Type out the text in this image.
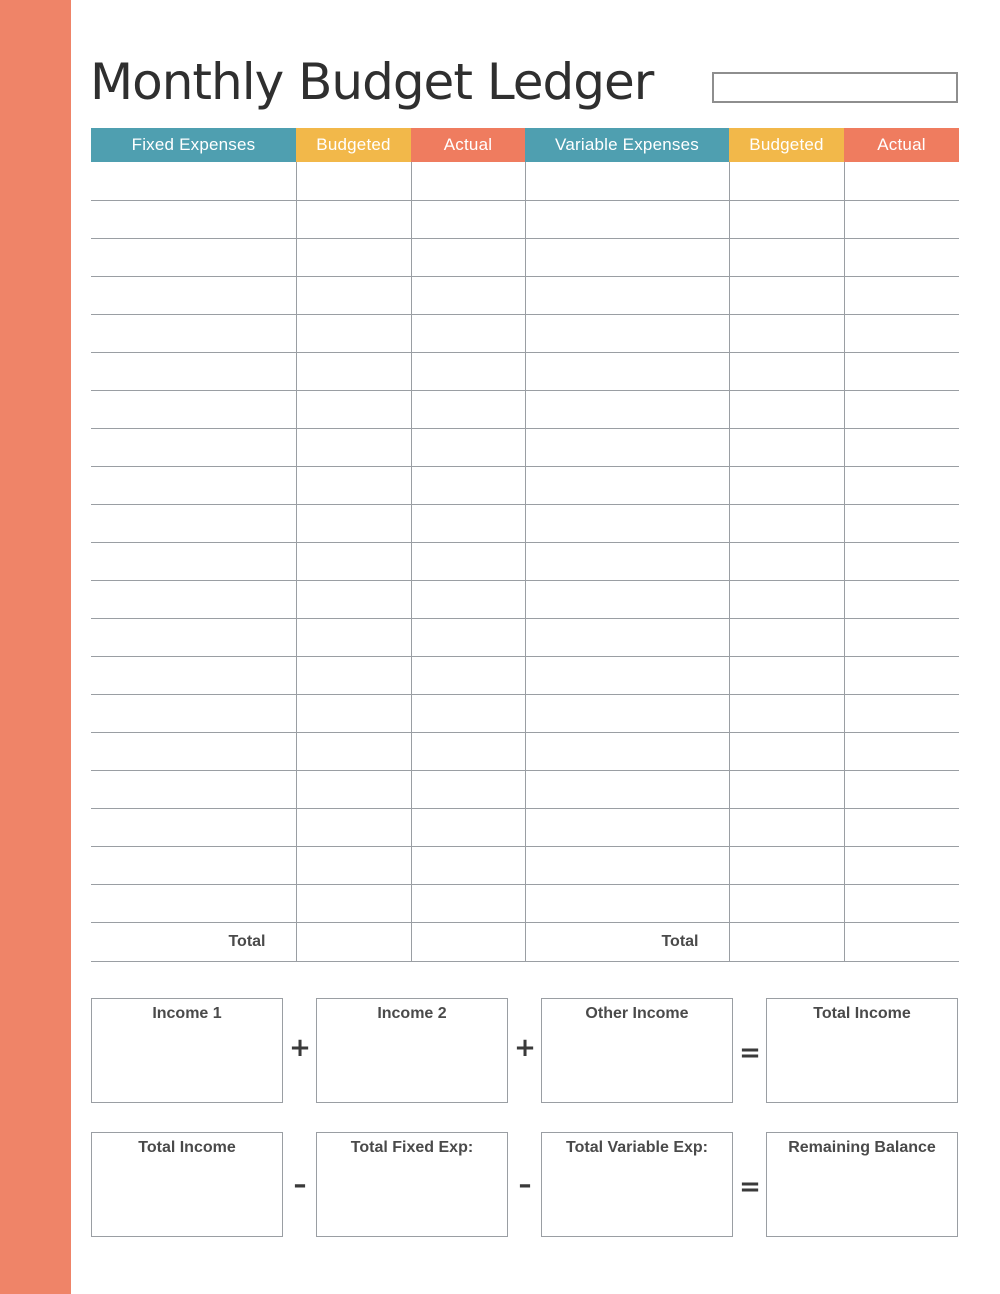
Monthly Budget Ledger
Fixed Expenses	Budgeted	Actual	Variable Expenses	Budgeted	Actual

Total			Total		
Income 1
+
Income 2
+
Other Income
=
Total Income
Total Income
–
Total Fixed Exp:
–
Total Variable Exp:
=
Remaining Balance
